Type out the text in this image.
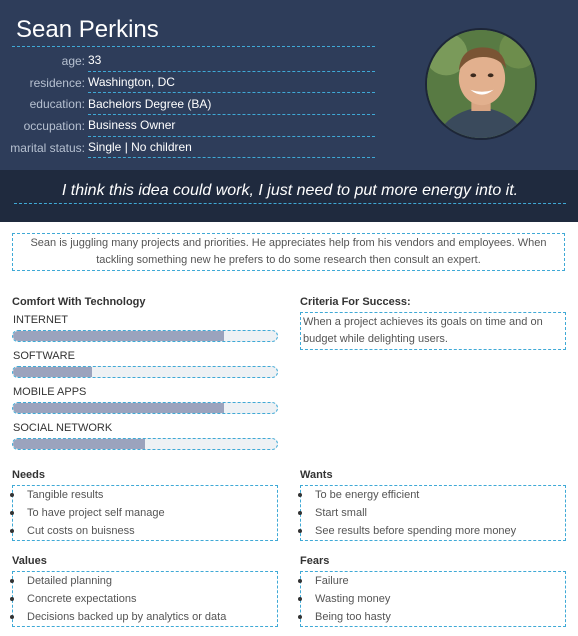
Sean Perkins
age: 33
residence: Washington, DC
education: Bachelors Degree (BA)
occupation: Business Owner
marital status: Single | No children
I think this idea could work, I just need to put more energy into it.
Sean is juggling many projects and priorities. He appreciates help from his vendors and employees. When tackling something new he prefers to do some research then consult an expert.
Comfort With Technology
INTERNET
SOFTWARE
MOBILE APPS
SOCIAL NETWORK
Criteria For Success:
When a project achieves its goals on time and on budget while delighting users.
Needs
Tangible results
To have project self manage
Cut costs on buisness
Wants
To be energy efficient
Start small
See results before spending more money
Values
Detailed planning
Concrete expectations
Decisions backed up by analytics or data
Fears
Failure
Wasting money
Being too hasty
